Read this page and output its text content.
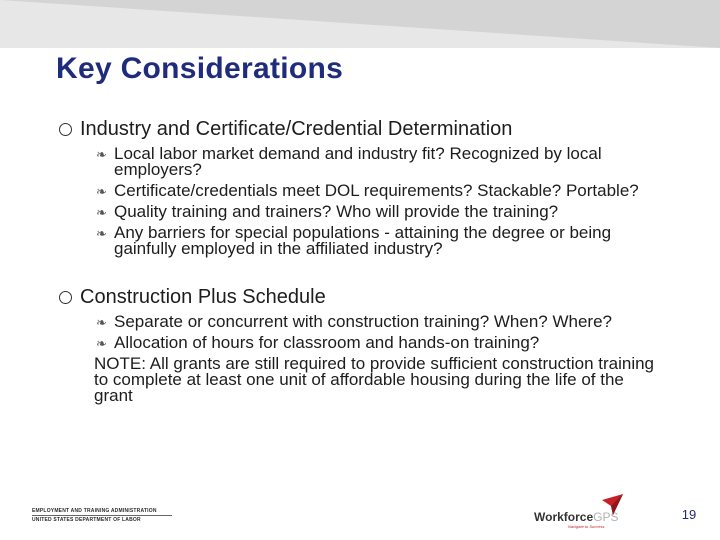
Key Considerations
Industry and Certificate/Credential Determination
❧ Local labor market demand and industry fit? Recognized by local employers?
❧ Certificate/credentials meet DOL requirements? Stackable? Portable?
❧ Quality training and trainers? Who will provide the training?
❧ Any barriers for special populations - attaining the degree or being gainfully employed in the affiliated industry?
Construction Plus Schedule
❧ Separate or concurrent with construction training? When? Where?
❧ Allocation of hours for classroom and hands-on training?
NOTE: All grants are still required to provide sufficient construction training to complete at least one unit of affordable housing during the life of the grant
EMPLOYMENT AND TRAINING ADMINISTRATION
UNITED STATES DEPARTMENT OF LABOR	WorkforceGPS
Navigate to Success
19
